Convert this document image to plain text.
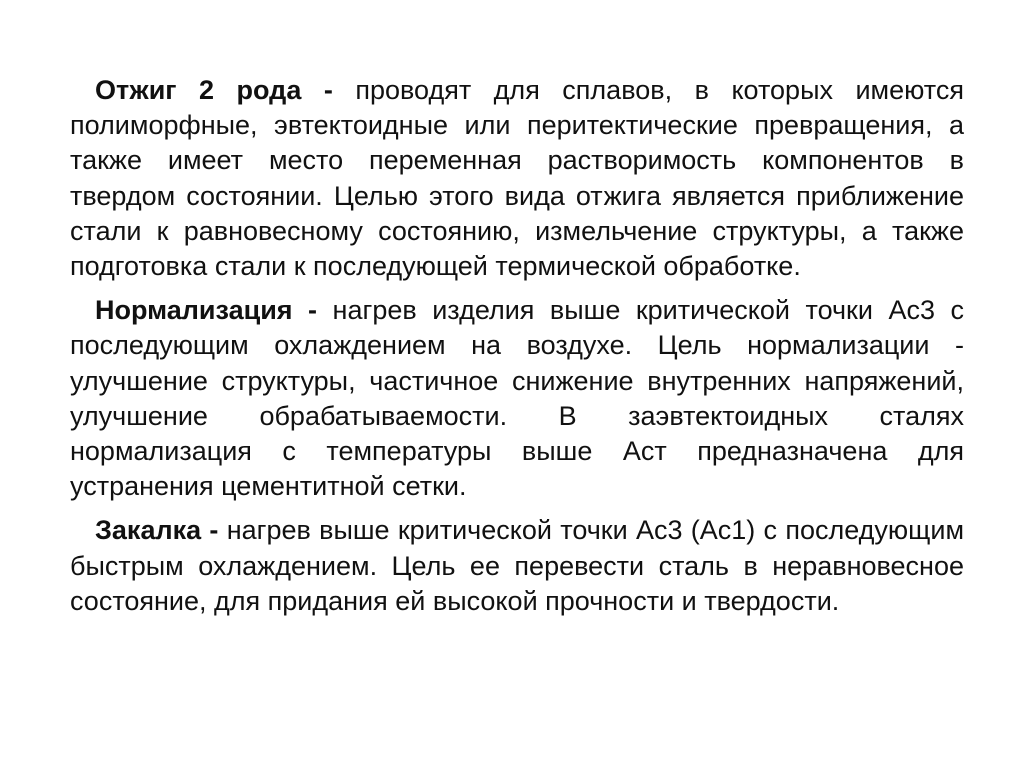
Отжиг 2 рода - проводят для сплавов, в которых имеются полиморфные, эвтектоидные или перитектические превращения, а также имеет место переменная растворимость компонентов в твердом состоянии. Целью этого вида отжига является приближение стали к равновесному состоянию, измельчение структуры, а также подготовка стали к последующей термической обработке.

Нормализация - нагрев изделия выше критической точки Ac3 с последующим охлаждением на воздухе. Цель нормализации - улучшение структуры, частичное снижение внутренних напряжений, улучшение обрабатываемости. В заэвтектоидных сталях нормализация с температуры выше Acт предназначена для устранения цементитной сетки.

Закалка - нагрев выше критической точки Ac3 (Ac1) с последующим быстрым охлаждением. Цель ее перевести сталь в неравновесное состояние, для придания ей высокой прочности и твердости.
